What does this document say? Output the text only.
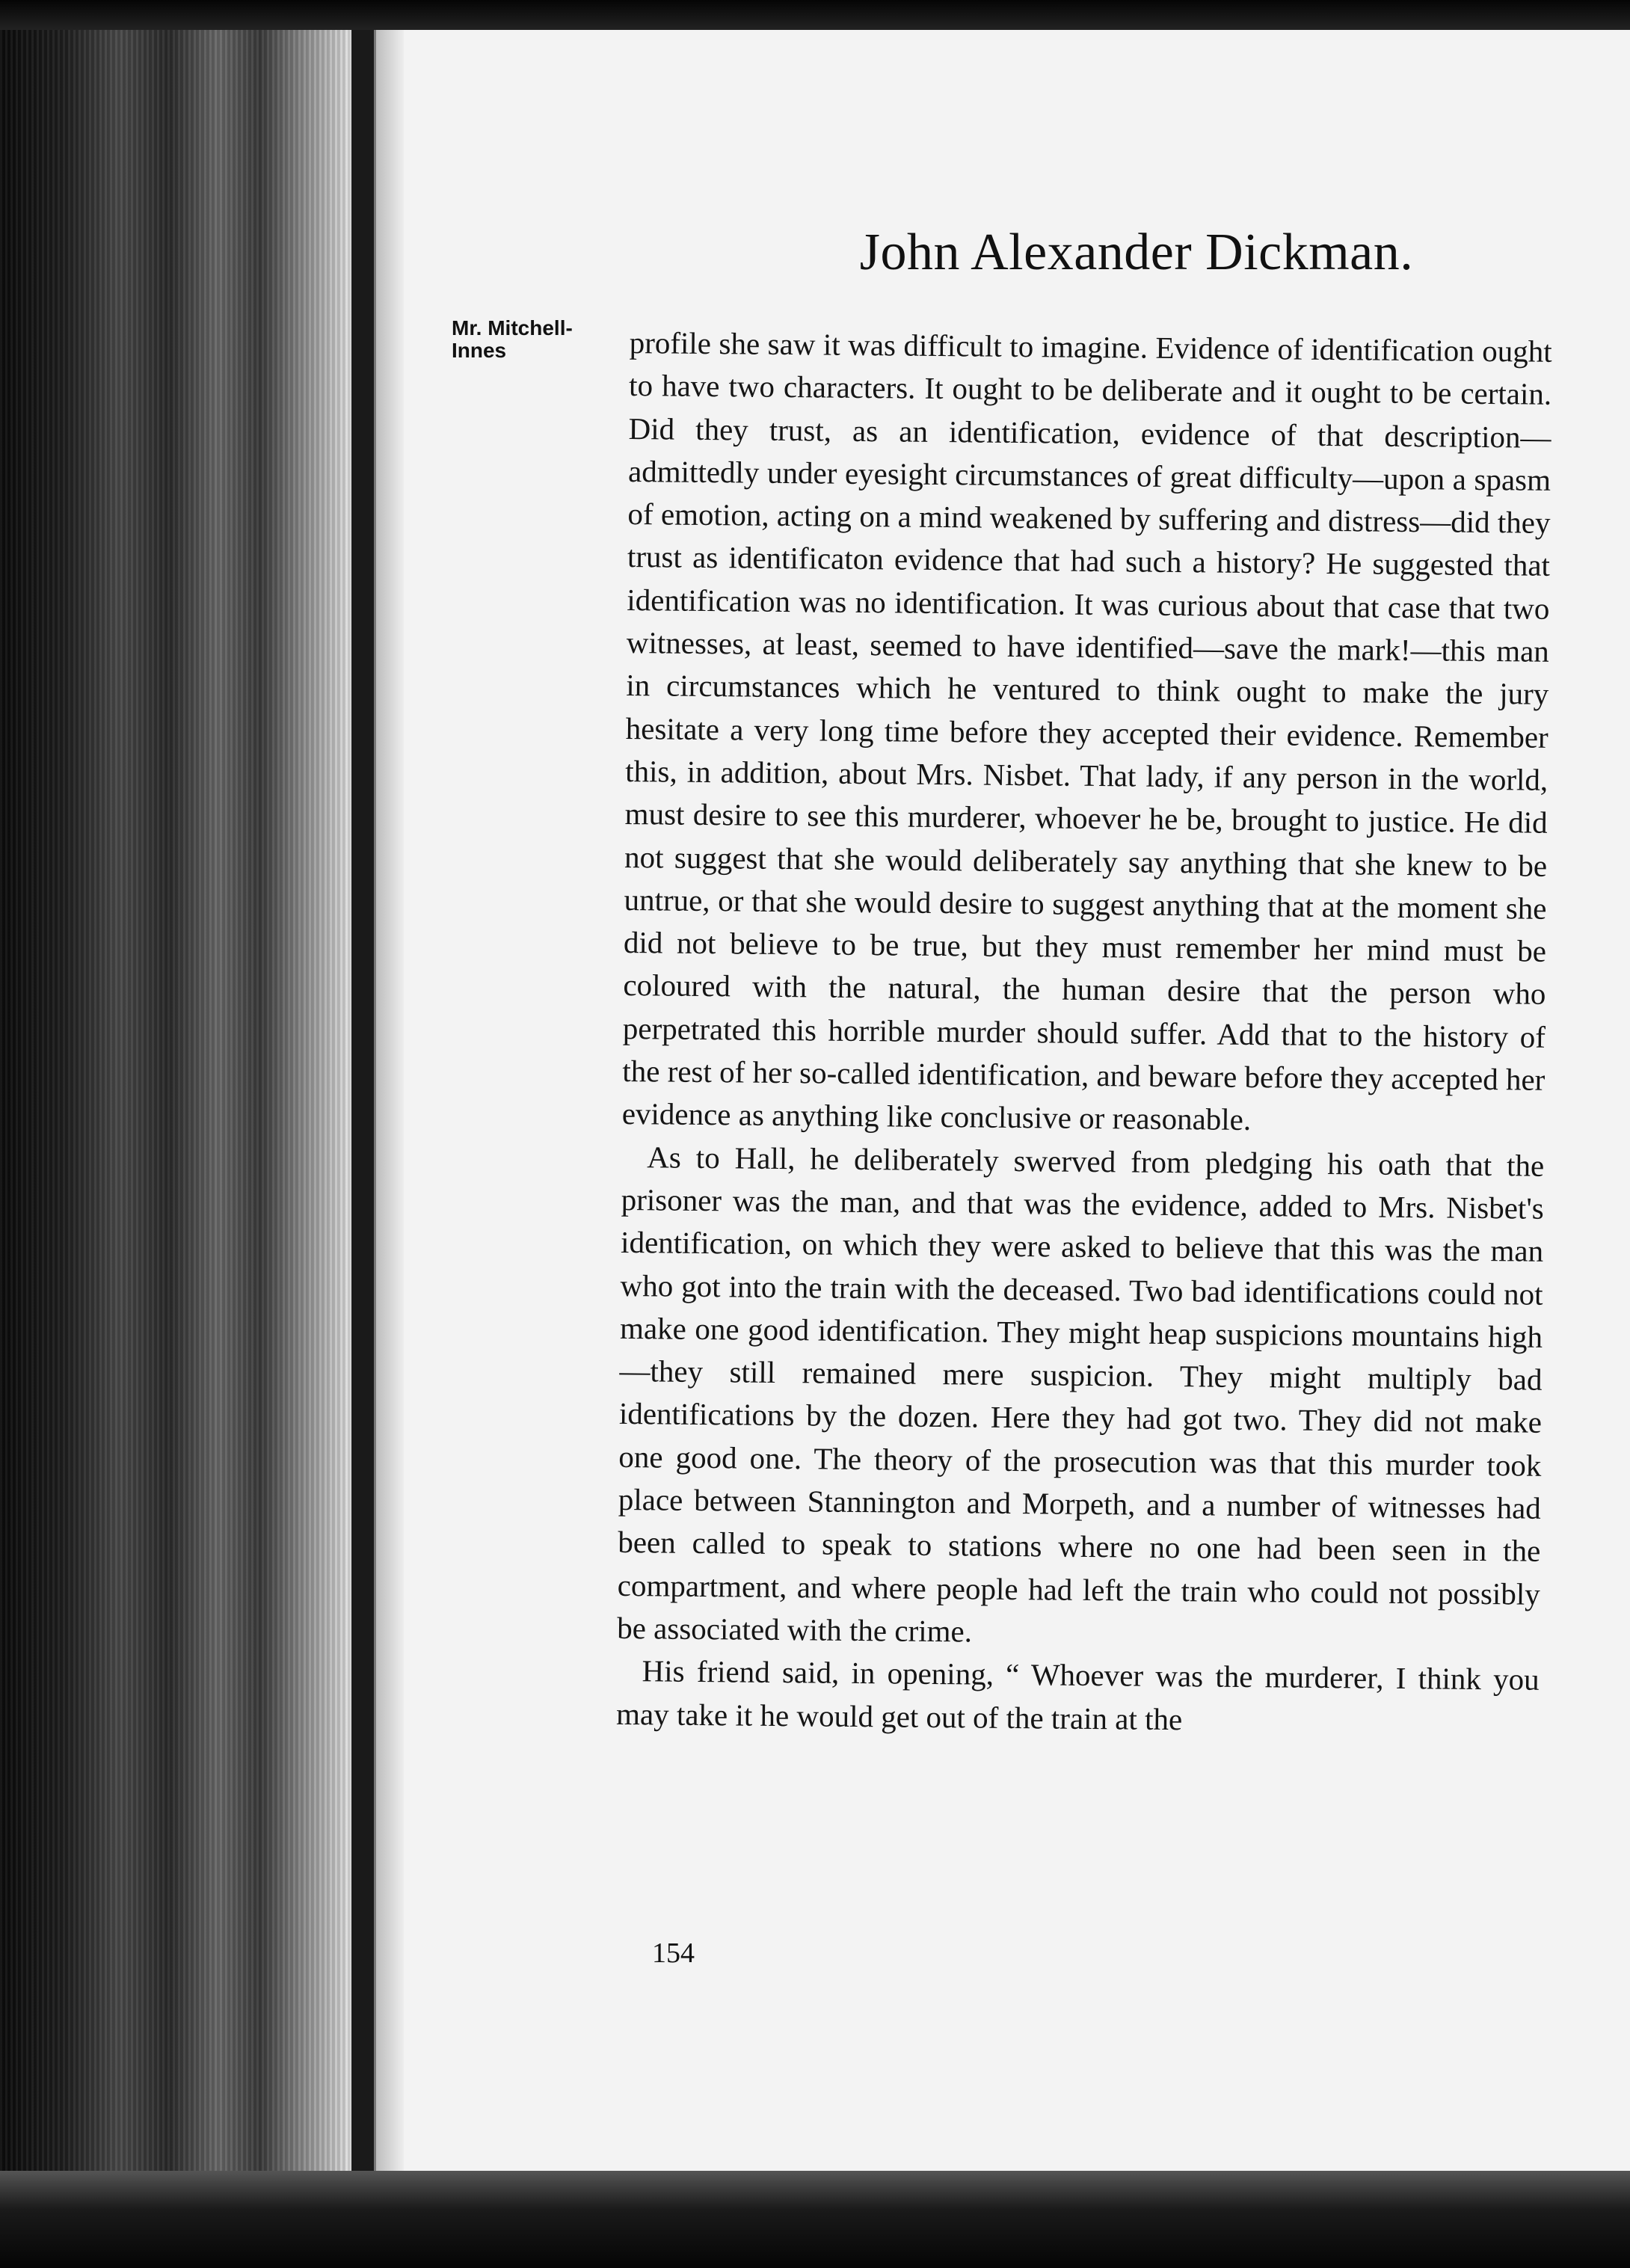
John Alexander Dickman.
Mr. Mitchell-Innes	profile she saw it was difficult to imagine. Evidence of identification ought to have two characters. It ought to be deliberate and it ought to be certain. Did they trust, as an identification, evidence of that description—admittedly under eyesight circumstances of great difficulty—upon a spasm of emotion, acting on a mind weakened by suffering and distress—did they trust as identificaton evidence that had such a history? He suggested that identification was no identification. It was curious about that case that two witnesses, at least, seemed to have identified—save the mark!—this man in circumstances which he ventured to think ought to make the jury hesitate a very long time before they accepted their evidence. Remember this, in addition, about Mrs. Nisbet. That lady, if any person in the world, must desire to see this murderer, whoever he be, brought to justice. He did not suggest that she would deliberately say anything that she knew to be untrue, or that she would desire to suggest anything that at the moment she did not believe to be true, but they must remember her mind must be coloured with the natural, the human desire that the person who perpetrated this horrible murder should suffer. Add that to the history of the rest of her so-called identification, and beware before they accepted her evidence as anything like conclusive or reasonable.

As to Hall, he deliberately swerved from pledging his oath that the prisoner was the man, and that was the evidence, added to Mrs. Nisbet's identification, on which they were asked to believe that this was the man who got into the train with the deceased. Two bad identifications could not make one good identification. They might heap suspicions mountains high—they still remained mere suspicion. They might multiply bad identifications by the dozen. Here they had got two. They did not make one good one. The theory of the prosecution was that this murder took place between Stannington and Morpeth, and a number of witnesses had been called to speak to stations where no one had been seen in the compartment, and where people had left the train who could not possibly be associated with the crime.

His friend said, in opening, “ Whoever was the murderer, I think you may take it he would get out of the train at the

154
